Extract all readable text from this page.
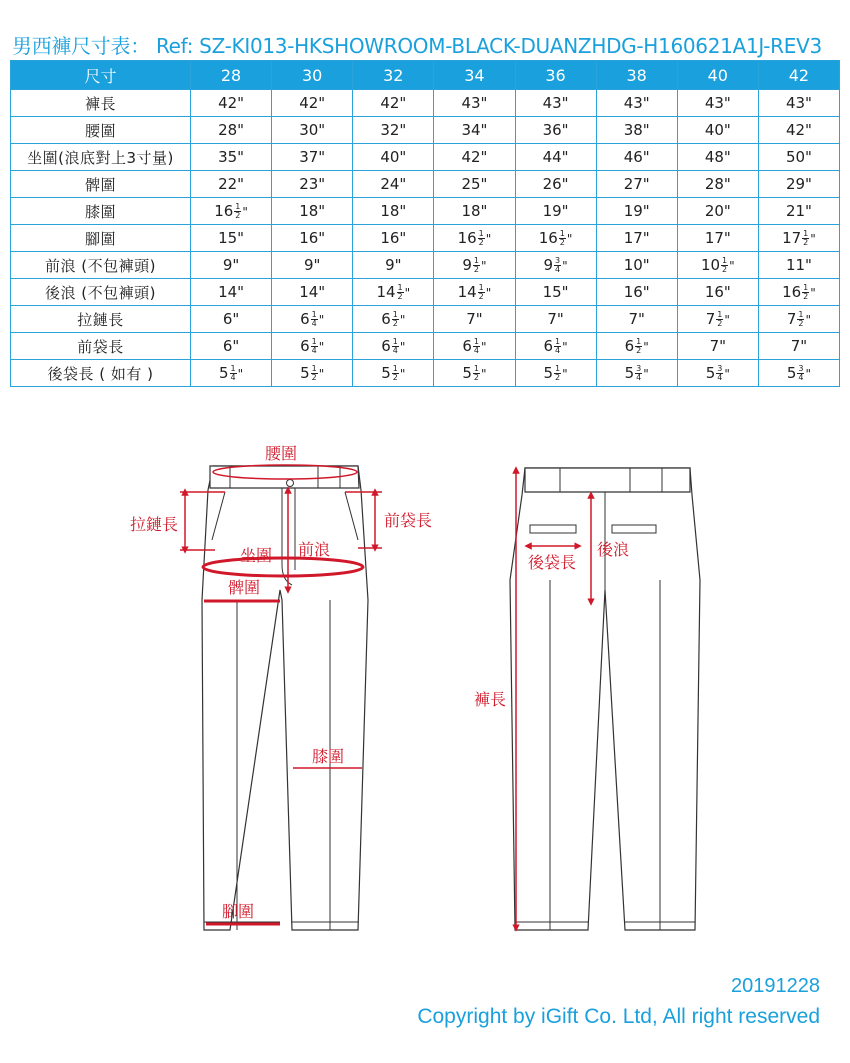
男西褲尺寸表： Ref: SZ-KI013-HKSHOWROOM-BLACK-DUANZHDG-H160621A1J-REV3
尺寸	28	30	32	34	36	38	40	42
褲長	42"	42"	42"	43"	43"	43"	43"	43"
腰圍	28"	30"	32"	34"	36"	38"	40"	42"
坐圍(浪底對上3寸量)	35"	37"	40"	42"	44"	46"	48"	50"
髀圍	22"	23"	24"	25"	26"	27"	28"	29"
膝圍	$16 \frac{1}{2}$ "	18"	18"	18"	19"	19"	20"	21"
腳圍	15"	16"	16"	$16 \frac{1}{2}$ "	$16 \frac{1}{2}$ "	17"	17"	$17 \frac{1}{2}$ "
前浪 (不包褲頭)	9"	9"	9"	$9 \frac{1}{2}$ "	$9 \frac{3}{4}$ "	10"	$10 \frac{1}{2}$ "	11"
後浪 (不包褲頭)	14"	14"	$14 \frac{1}{2}$ "	$14 \frac{1}{2}$ "	15"	16"	16"	$16 \frac{1}{2}$ "
拉鏈長	6"	$6 \frac{1}{4}$ "	$6 \frac{1}{2}$ "	7"	7"	7"	$7 \frac{1}{2}$ "	$7 \frac{1}{2}$ "
前袋長	6"	$6 \frac{1}{4}$ "	$6 \frac{1}{4}$ "	$6 \frac{1}{4}$ "	$6 \frac{1}{4}$ "	$6 \frac{1}{2}$ "	7"	7"
後袋長 ( 如有 )	$5 \frac{1}{4}$ "	$5 \frac{1}{2}$ "	$5 \frac{1}{2}$ "	$5 \frac{1}{2}$ "	$5 \frac{1}{2}$ "	$5 \frac{3}{4}$ "	$5 \frac{3}{4}$ "	$5 \frac{3}{4}$ "
腰圍
拉鏈長	前袋長
坐圍 前浪
髀圍
膝圍
腳圍
後袋長
後浪
褲長
20191228
Copyright by iGift Co. Ltd, All right reserved
